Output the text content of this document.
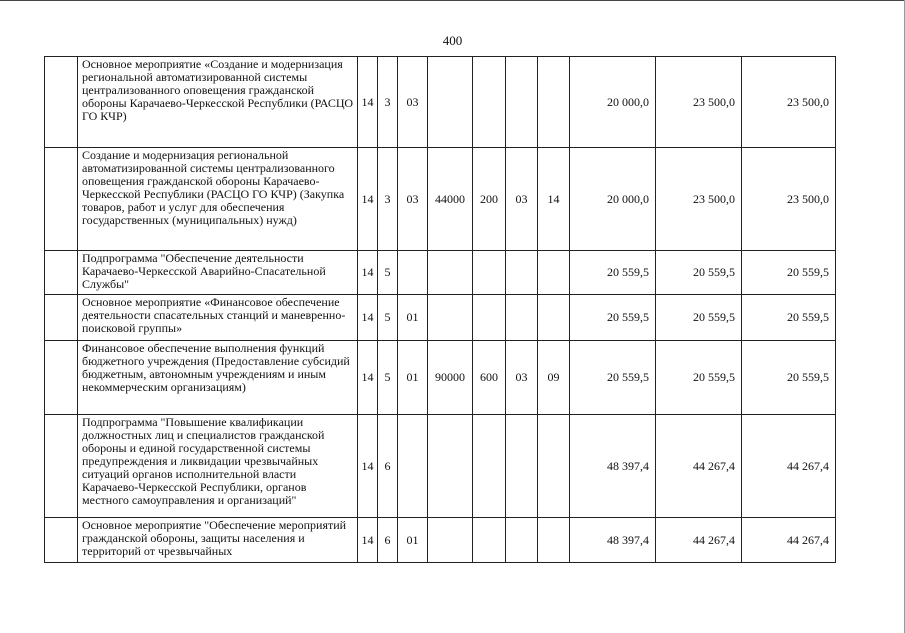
400
	Основное мероприятие «Создание и модернизация региональной автоматизированной системы централизованного оповещения гражданской обороны Карачаево-Черкесской Республики (РАСЦО ГО КЧР)	14	3	03					20 000,0	23 500,0	23 500,0
	Создание и модернизация региональной автоматизированной системы централизованного оповещения гражданской обороны Карачаево-Черкесской Республики (РАСЦО ГО КЧР) (Закупка товаров, работ и услуг для обеспечения государственных (муниципальных) нужд)	14	3	03	44000	200	03	14	20 000,0	23 500,0	23 500,0
	Подпрограмма "Обеспечение деятельности Карачаево-Черкесской Аварийно-Спасательной Службы"	14	5						20 559,5	20 559,5	20 559,5
	Основное мероприятие «Финансовое обеспечение деятельности спасательных станций и маневренно-поисковой группы»	14	5	01					20 559,5	20 559,5	20 559,5
	Финансовое обеспечение выполнения функций бюджетного учреждения (Предоставление субсидий бюджетным, автономным учреждениям и иным некоммерческим организациям)	14	5	01	90000	600	03	09	20 559,5	20 559,5	20 559,5
	Подпрограмма "Повышение квалификации должностных лиц и специалистов гражданской обороны и единой государственной системы предупреждения и ликвидации чрезвычайных ситуаций органов исполнительной власти Карачаево-Черкесской Республики, органов местного самоуправления и организаций"	14	6						48 397,4	44 267,4	44 267,4
	Основное мероприятие "Обеспечение мероприятий гражданской обороны, защиты населения и территорий от чрезвычайных	14	6	01					48 397,4	44 267,4	44 267,4
